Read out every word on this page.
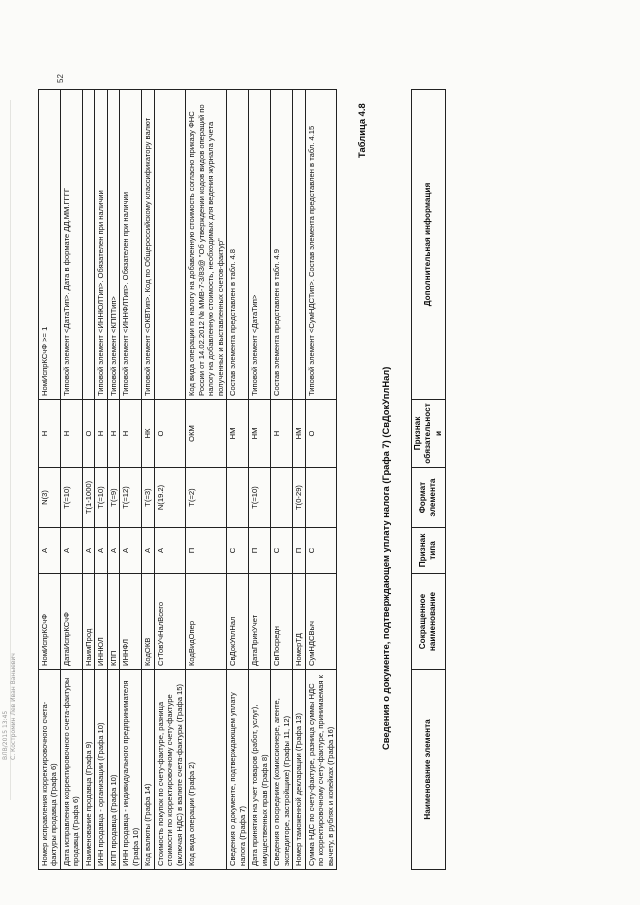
52
Номер исправления корректировочного счета-фактуры продавца (Графа 6)	НомИспрКСчФ	А	N(3)	Н	НомИспрКСчФ >= 1
Дата исправления корректировочного счета-фактуры продавца (Графа 6)	ДатаИспрКСчФ	А	T(=10)	Н	Типовой элемент <ДатаТип>. Дата в формате ДД.ММ.ГГГГ
Наименование продавца (Графа 9)	НаимПрод	А	T(1-1000)	О	
ИНН продавца - организации (Графа 10)	ИННЮЛ	А	T(=10)	Н	Типовой элемент <ИННЮЛТип>. Обязателен при наличии
КПП продавца (Графа 10)	КПП	А	T(=9)	Н	Типовой элемент <КППТип>
ИНН продавца - индивидуального предпринимателя (Графа 10)	ИННФЛ	А	T(=12)	Н	Типовой элемент <ИННФЛТип>. Обязателен при наличии
Код валюты (Графа 14)	КодОКВ	А	T(=3)	НК	Типовой элемент <ОКВТип>. Код по Общероссийскому классификатору валют
Стоимость покупок по счету-фактуре, разница стоимости по корректировочному счету-фактуре (включая НДС) в валюте счета-фактуры (Графа 15)	СтТовУчНалВсего	А	N(19.2)	О	
Код вида операции (Графа 2)	КодВидОпер	П	T(=2)	ОКМ	Код вида операции по налогу на добавленную стоимость согласно приказу ФНС России от 14.02.2012 № ММВ-7-3/83@ "Об утверждении кодов видов операций по налогу на добавленную стоимость, необходимых для ведения журнала учета полученных и выставленных счетов-фактур"
Сведения о документе, подтверждающем уплату налога (Графа 7)	СвДокУплНал	С		НМ	Состав элемента представлен в табл. 4.8
Дата принятия на учет товаров (работ, услуг), имущественных прав (Графа 8)	ДатаПринУчет	П	T(=10)	НМ	Типовой элемент <ДатаТип>
Сведения о посреднике (комиссионере, агенте, экспедиторе, застройщике) (Графы 11, 12)	СвПосредн	С		Н	Состав элемента представлен в табл. 4.9
Номер таможенной декларации (Графа 13)	НомерТД	П	T(0-29)	НМ	
Сумма НДС по счету-фактуре, разница суммы НДС по корректировочному счету-фактуре, принимаемая к вычету, в рублях и копейках (Графа 16)	СумНДСВыч	С		О	Типовой элемент <СумНДСТип>. Состав элемента представлен в табл. 4.15

Наименование элемента	Сокращенное наименование	Признак типа	Формат элемента	Признак обязательности	Дополнительная информация
Сведения о документе, подтверждающем уплату налога (Графа 7) (СвДокУплНал)
Таблица 4.8
ВЛВ/2015 13:45 С. Костромин Лев Иван Ваныевич
